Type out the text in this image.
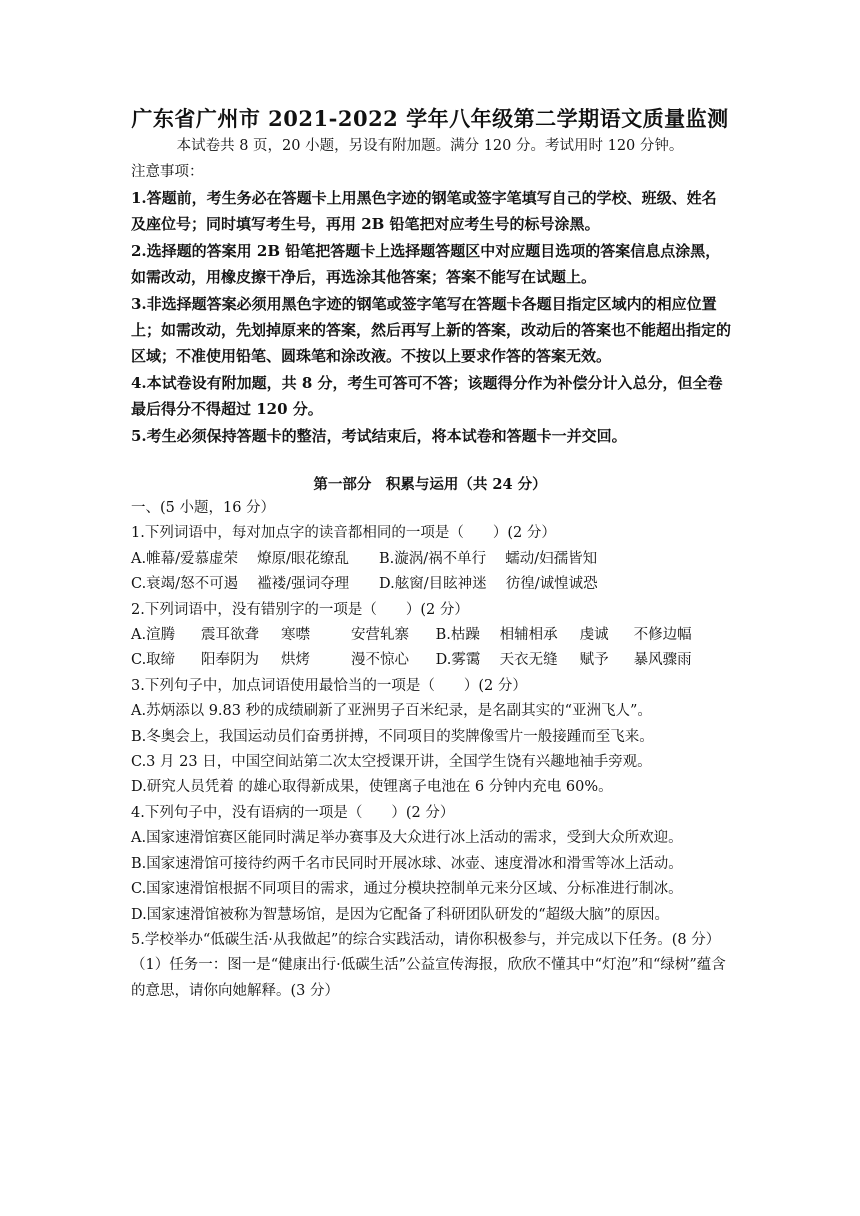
广东省广州市 2021-2022 学年八年级第二学期语文质量监测
本试卷共 8 页，20 小题，另设有附加题。满分 120 分。考试用时 120 分钟。
注意事项：

1.答题前，考生务必在答题卡上用黑色字迹的钢笔或签字笔填写自己的学校、班级、姓名及座位号；同时填写考生号，再用 2B 铅笔把对应考生号的标号涂黑。

2.选择题的答案用 2B 铅笔把答题卡上选择题答题区中对应题目选项的答案信息点涂黑，如需改动，用橡皮擦干净后，再选涂其他答案；答案不能写在试题上。

3.非选择题答案必须用黑色字迹的钢笔或签字笔写在答题卡各题目指定区域内的相应位置上；如需改动，先划掉原来的答案，然后再写上新的答案，改动后的答案也不能超出指定的区域；不准使用铅笔、圆珠笔和涂改液。不按以上要求作答的答案无效。

4.本试卷设有附加题，共 8 分，考生可答可不答；该题得分作为补偿分计入总分，但全卷最后得分不得超过 120 分。

5.考生必须保持答题卡的整洁，考试结束后，将本试卷和答题卡一并交回。

第一部分　积累与运用（共 24 分）
一、(5 小题，16 分）
1.下列词语中，每对加点字的读音都相同的一项是（　　）(2 分）
A.帷幕/爱慕虚荣　 燎原/眼花缭乱 B.漩涡/祸不单行　 蠕动/妇孺皆知
C.衰竭/怒不可遏　 褴褛/强词夺理 D.舷窗/目眩神迷　 彷徨/诚惶诚恐
2.下列词语中，没有错别字的一项是（　　）(2 分）
A.渲腾 震耳欲聋 寒噤	安营轧寨 B.枯躁 相辅相承 虔诚 不修边幅
C.取缔 阳奉阴为 烘烤	漫不惊心 D.雾霭 天衣无缝 赋予 暴风骤雨
3.下列句子中，加点词语使用最恰当的一项是（　　）(2 分）
A.苏炳添以 9.83 秒的成绩刷新了亚洲男子百米纪录，是名副其实的“亚洲飞人”。
B.冬奥会上，我国运动员们奋勇拼搏，不同项目的奖牌像雪片一般接踵而至飞来。
C.3 月 23 日，中国空间站第二次太空授课开讲，全国学生饶有兴趣地袖手旁观。
D.研究人员凭着 的雄心取得新成果，使锂离子电池在 6 分钟内充电 60%。
4.下列句子中，没有语病的一项是（　　）(2 分）
A.国家速滑馆赛区能同时满足举办赛事及大众进行冰上活动的需求，受到大众所欢迎。
B.国家速滑馆可接待约两千名市民同时开展冰球、冰壶、速度滑冰和滑雪等冰上活动。
C.国家速滑馆根据不同项目的需求，通过分模块控制单元来分区域、分标准进行制冰。
D.国家速滑馆被称为智慧场馆，是因为它配备了科研团队研发的“超级大脑”的原因。
5.学校举办“低碳生活·从我做起”的综合实践活动，请你积极参与，并完成以下任务。(8 分）
（1）任务一：图一是“健康出行·低碳生活”公益宣传海报，欣欣不懂其中“灯泡”和“绿树”蕴含的意思，请你向她解释。(3 分）
